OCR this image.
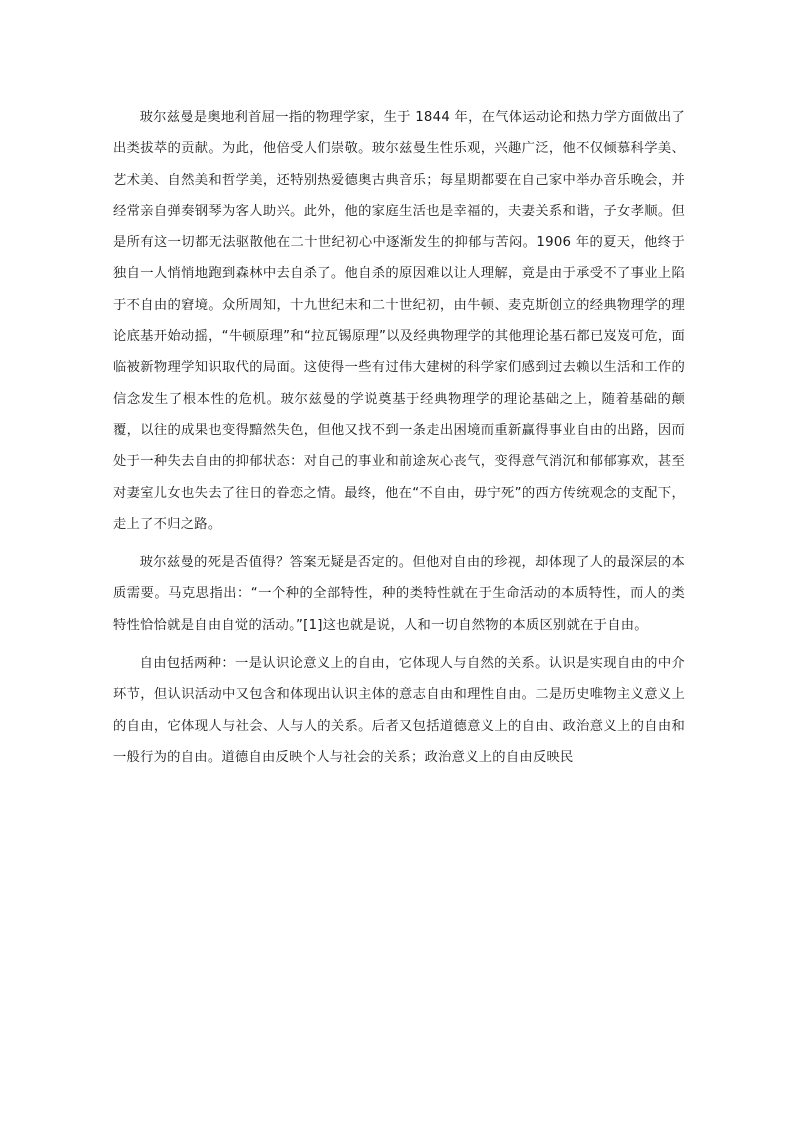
玻尔兹曼是奥地利首屈一指的物理学家，生于 1844 年，在气体运动论和热力学方面做出了出类拔萃的贡献。为此，他倍受人们崇敬。玻尔兹曼生性乐观，兴趣广泛，他不仅倾慕科学美、艺术美、自然美和哲学美，还特别热爱德奥古典音乐；每星期都要在自己家中举办音乐晚会，并经常亲自弹奏钢琴为客人助兴。此外，他的家庭生活也是幸福的，夫妻关系和谐，子女孝顺。但是所有这一切都无法驱散他在二十世纪初心中逐渐发生的抑郁与苦闷。1906 年的夏天，他终于独自一人悄悄地跑到森林中去自杀了。他自杀的原因难以让人理解，竟是由于承受不了事业上陷于不自由的窘境。众所周知，十九世纪末和二十世纪初，由牛顿、麦克斯创立的经典物理学的理论底基开始动摇，“牛顿原理”和“拉瓦锡原理”以及经典物理学的其他理论基石都已岌岌可危，面临被新物理学知识取代的局面。这使得一些有过伟大建树的科学家们感到过去赖以生活和工作的信念发生了根本性的危机。玻尔兹曼的学说奠基于经典物理学的理论基础之上，随着基础的颠覆，以往的成果也变得黯然失色，但他又找不到一条走出困境而重新赢得事业自由的出路，因而处于一种失去自由的抑郁状态：对自己的事业和前途灰心丧气，变得意气消沉和郁郁寡欢，甚至对妻室儿女也失去了往日的眷恋之情。最终，他在“不自由，毋宁死”的西方传统观念的支配下，走上了不归之路。

玻尔兹曼的死是否值得？答案无疑是否定的。但他对自由的珍视，却体现了人的最深层的本质需要。马克思指出：“一个种的全部特性，种的类特性就在于生命活动的本质特性，而人的类特性恰恰就是自由自觉的活动。”[1]这也就是说，人和一切自然物的本质区别就在于自由。

自由包括两种：一是认识论意义上的自由，它体现人与自然的关系。认识是实现自由的中介环节，但认识活动中又包含和体现出认识主体的意志自由和理性自由。二是历史唯物主义意义上的自由，它体现人与社会、人与人的关系。后者又包括道德意义上的自由、政治意义上的自由和一般行为的自由。道德自由反映个人与社会的关系；政治意义上的自由反映民
